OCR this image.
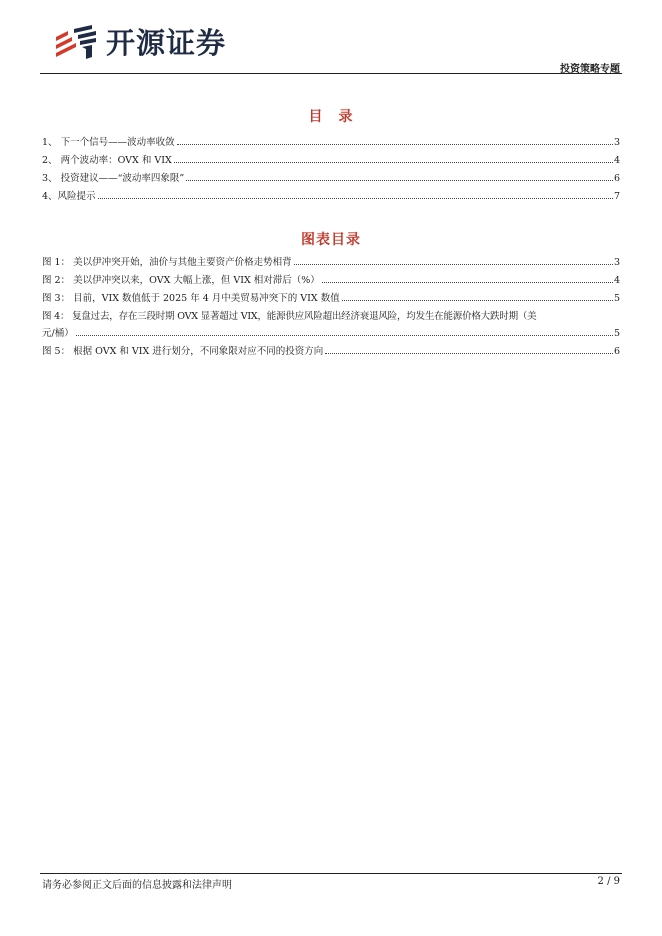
开源证券
投资策略专题
目　录
1、 下一个信号——波动率收敛	3
2、 两个波动率：OVX 和 VIX	4
3、 投资建议——“波动率四象限”	6
4、风险提示	7
图表目录
图 1： 美以伊冲突开始，油价与其他主要资产价格走势相背	3
图 2： 美以伊冲突以来，OVX 大幅上涨，但 VIX 相对滞后（%）	4
图 3： 目前，VIX 数值低于 2025 年 4 月中美贸易冲突下的 VIX 数值	5
图 4： 复盘过去，存在三段时期 OVX 显著超过 VIX，能源供应风险超出经济衰退风险，均发生在能源价格大跌时期（美
元/桶）	5
图 5： 根据 OVX 和 VIX 进行划分，不同象限对应不同的投资方向	6
请务必参阅正文后面的信息披露和法律声明	2 / 9
